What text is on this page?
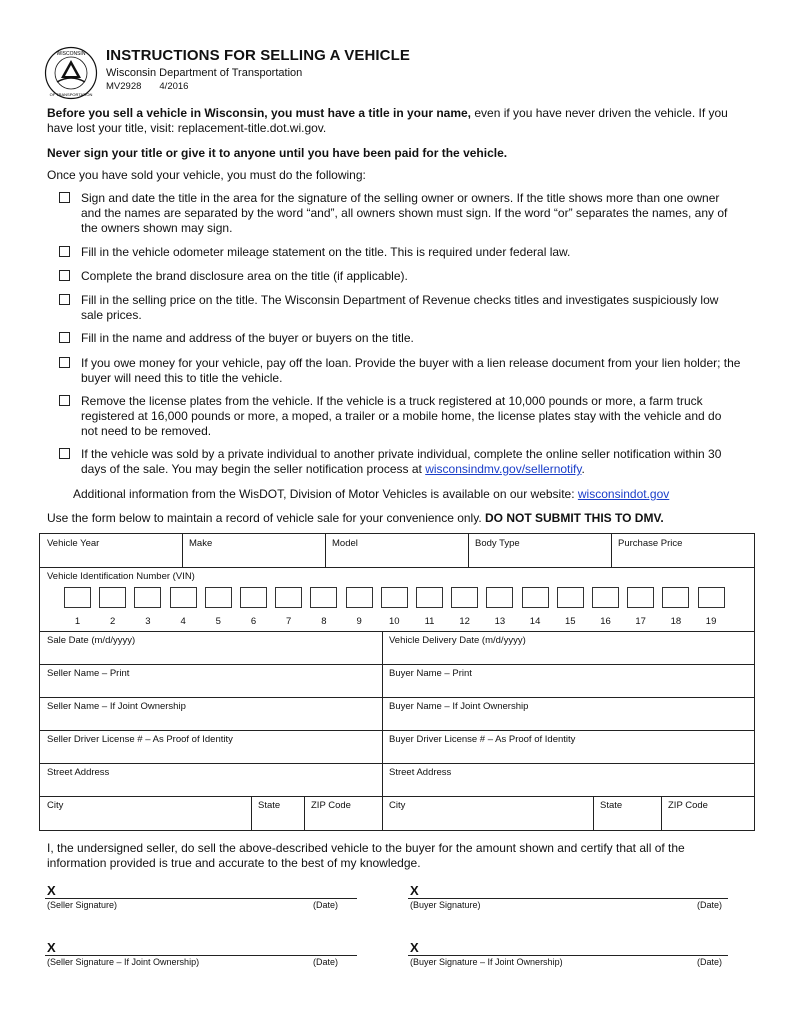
WISCONSIN
OF TRANSPORTATION
INSTRUCTIONS FOR SELLING A VEHICLE
Wisconsin Department of Transportation
MV2928 4/2016
Before you sell a vehicle in Wisconsin, you must have a title in your name, even if you have never driven the vehicle. If you have lost your title, visit: replacement-title.dot.wi.gov.
Never sign your title or give it to anyone until you have been paid for the vehicle.
Once you have sold your vehicle, you must do the following:
Sign and date the title in the area for the signature of the selling owner or owners. If the title shows more than one owner and the names are separated by the word “and”, all owners shown must sign. If the word “or” separates the names, any of the owners shown may sign.
Fill in the vehicle odometer mileage statement on the title. This is required under federal law.
Complete the brand disclosure area on the title (if applicable).
Fill in the selling price on the title. The Wisconsin Department of Revenue checks titles and investigates suspiciously low sale prices.
Fill in the name and address of the buyer or buyers on the title.
If you owe money for your vehicle, pay off the loan. Provide the buyer with a lien release document from your lien holder; the buyer will need this to title the vehicle.
Remove the license plates from the vehicle. If the vehicle is a truck registered at 10,000 pounds or more, a farm truck registered at 16,000 pounds or more, a moped, a trailer or a mobile home, the license plates stay with the vehicle and do not need to be removed.
If the vehicle was sold by a private individual to another private individual, complete the online seller notification within 30 days of the sale. You may begin the seller notification process at wisconsindmv.gov/sellernotify.
Additional information from the WisDOT, Division of Motor Vehicles is available on our website: wisconsindot.gov
Use the form below to maintain a record of vehicle sale for your convenience only. DO NOT SUBMIT THIS TO DMV.
Vehicle Year	Make	Model	Body Type	Purchase Price
Vehicle Identification Number (VIN)
1	2	3	4	5	6	7	8	9	10	11	12	13	14	15	16	17	18	19
Sale Date (m/d/yyyy)	Vehicle Delivery Date (m/d/yyyy)
Seller Name – Print	Buyer Name – Print
Seller Name – If Joint Ownership	Buyer Name – If Joint Ownership
Seller Driver License # – As Proof of Identity	Buyer Driver License # – As Proof of Identity
Street Address	Street Address
City	State	ZIP Code	City	State	ZIP Code
I, the undersigned seller, do sell the above-described vehicle to the buyer for the amount shown and certify that all of the information provided is true and accurate to the best of my knowledge.
X
(Seller Signature)	(Date)
X
(Buyer Signature)	(Date)
X
(Seller Signature – If Joint Ownership)	(Date)
X
(Buyer Signature – If Joint Ownership)	(Date)
